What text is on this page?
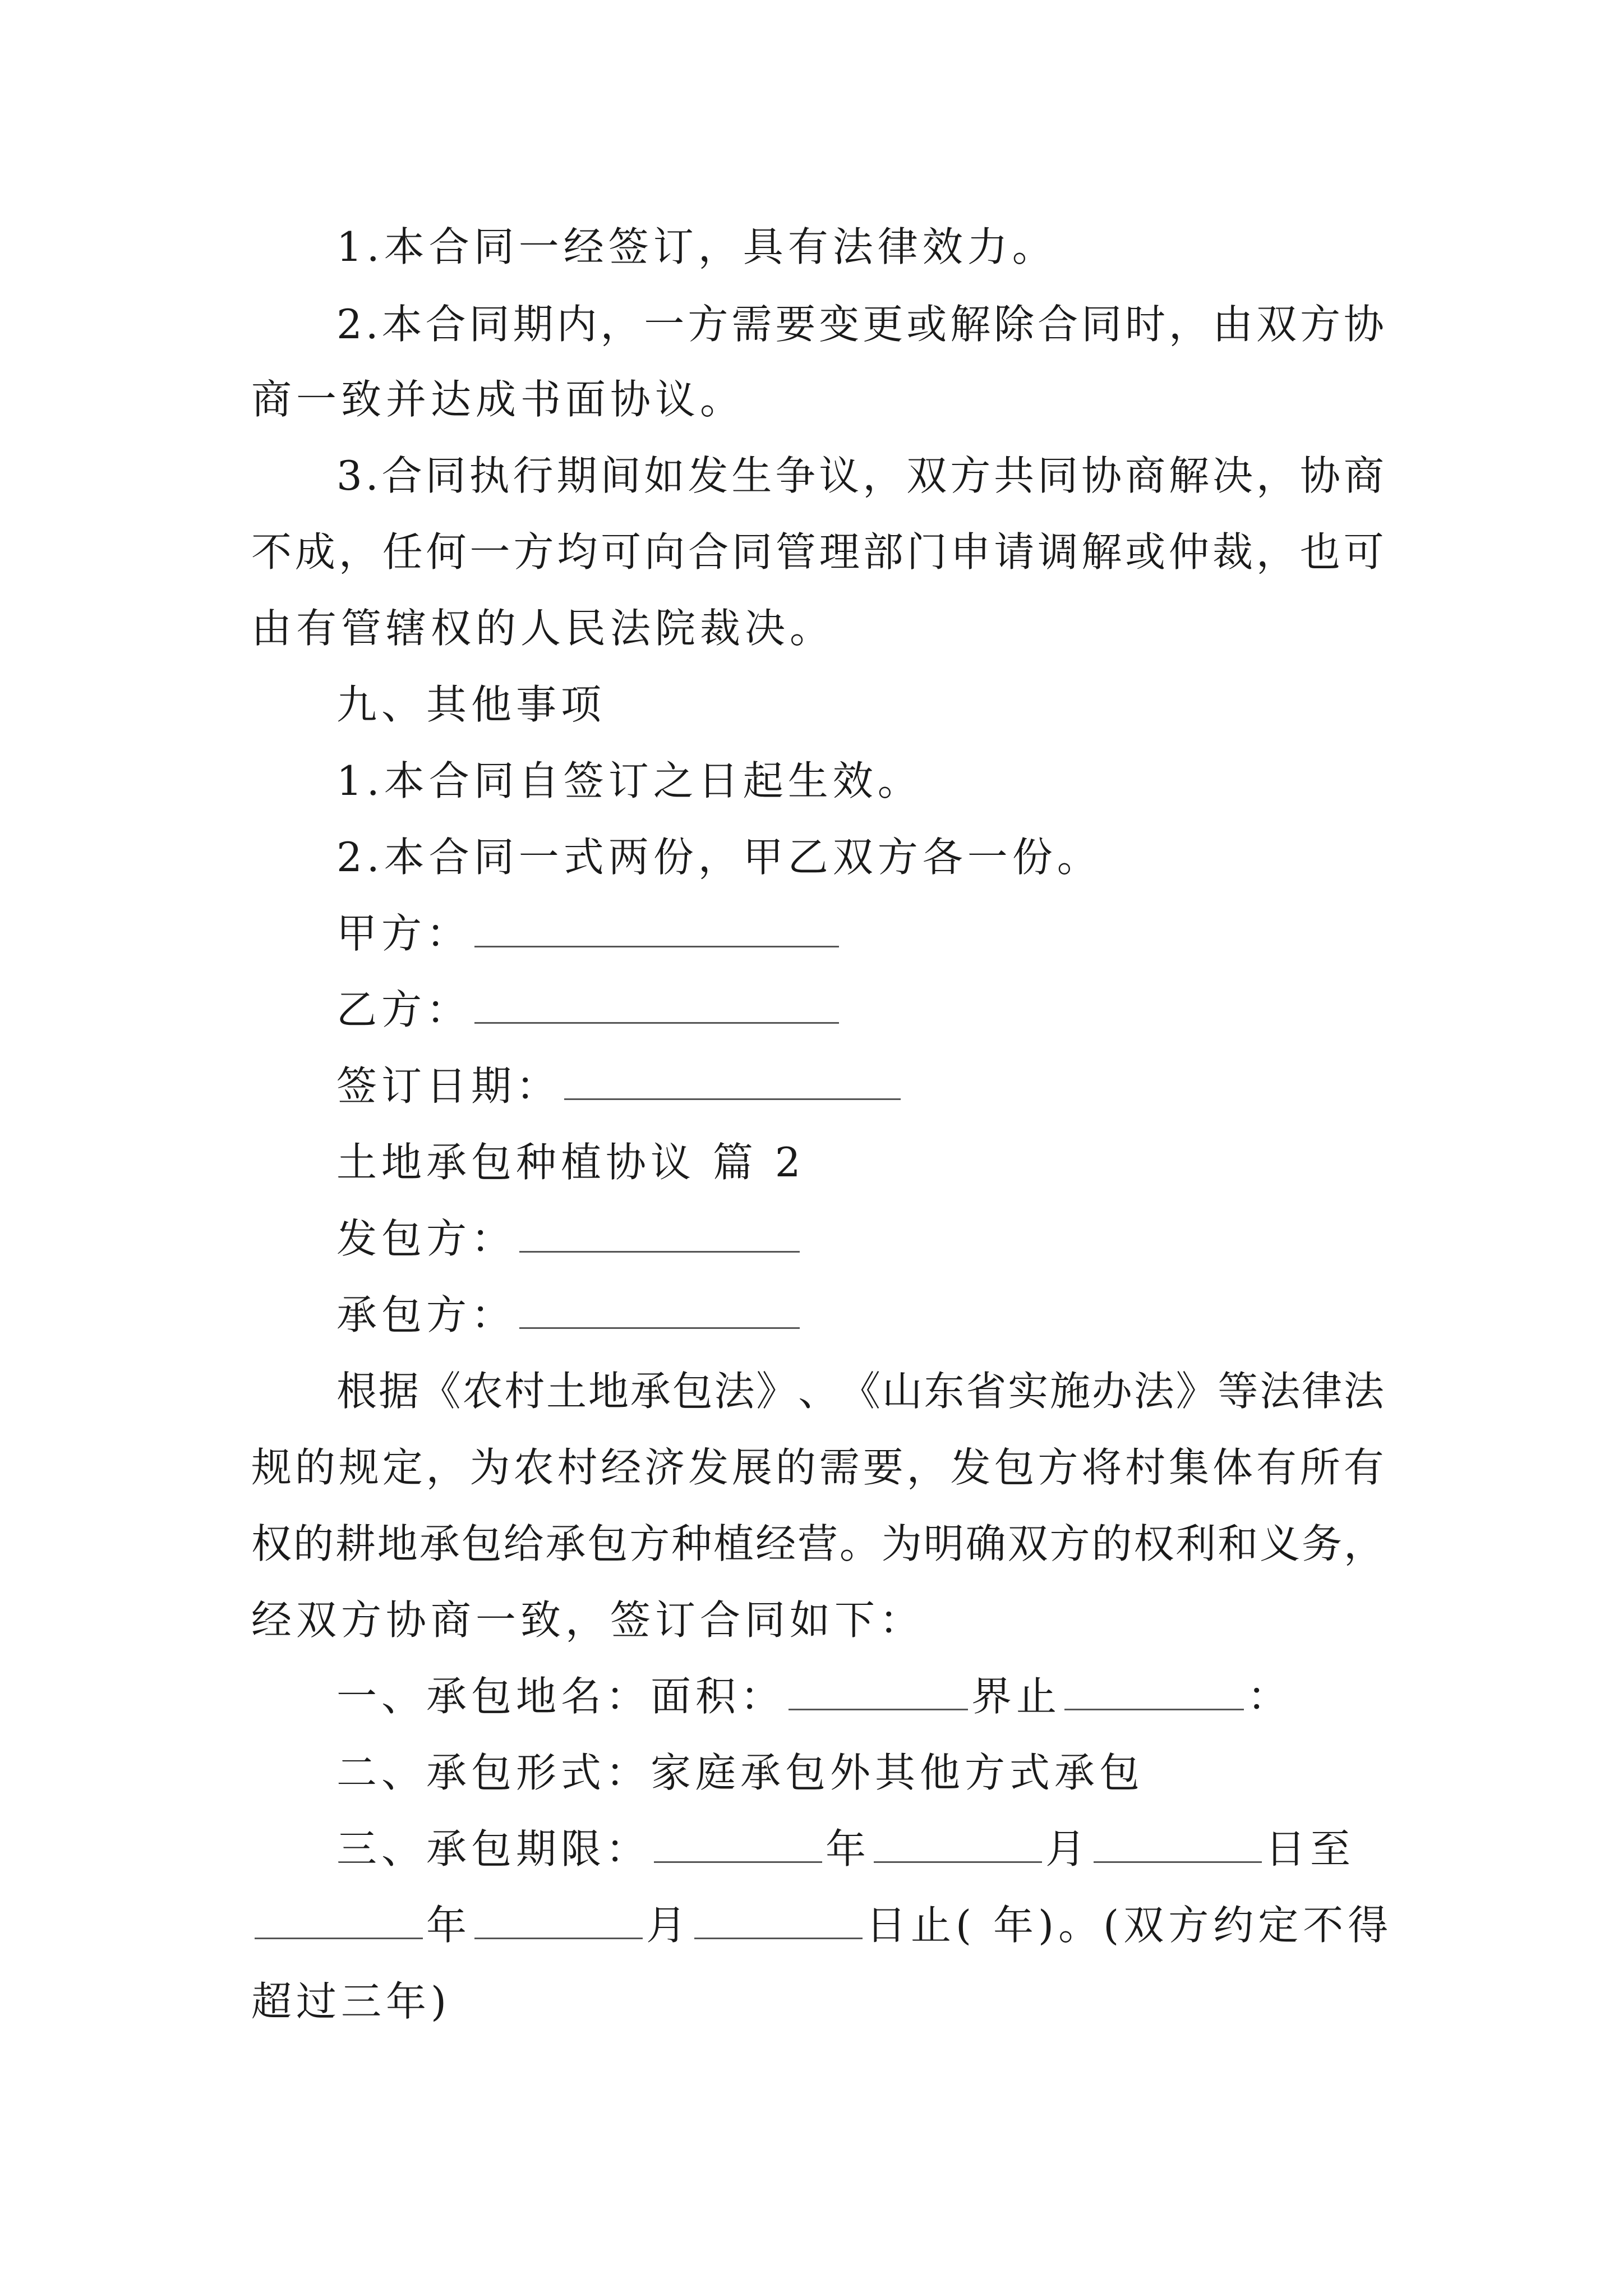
1.本合同一经签订，具有法律效力。
2 . 本 合 同 期 内 ， 一 方 需 要 变 更 或 解 除 合 同 时 ， 由 双 方 协
商一致并达成书面协议。
3 . 合 同 执 行 期 间 如 发 生 争 议 ， 双 方 共 同 协 商 解 决 ， 协 商
不 成 ， 任 何 一 方 均 可 向 合 同 管 理 部 门 申 请 调 解 或 仲 裁 ， 也 可
由有管辖权的人民法院裁决。
九、其他事项
1.本合同自签订之日起生效。
2.本合同一式两份，甲乙双方各一份。
甲方：
乙方：
签订日期：
土地承包种植协议 篇 2
发包方：
承包方：
根 据 《 农 村 土 地 承 包 法 》 、 《 山 东 省 实 施 办 法 》 等 法 律 法
规 的 规 定 ， 为 农 村 经 济 发 展 的 需 要 ， 发 包 方 将 村 集 体 有 所 有
权 的 耕 地 承 包 给 承 包 方 种 植 经 营 。 为 明 确 双 方 的 权 利 和 义 务 ，
经双方协商一致，签订合同如下：
一、承包地名：面积：	界止	：
二、承包形式：家庭承包外其他方式承包
三、承包期限：	年	月	日至
年	月	日止( 年)。(双方约定不得
超过三年)
